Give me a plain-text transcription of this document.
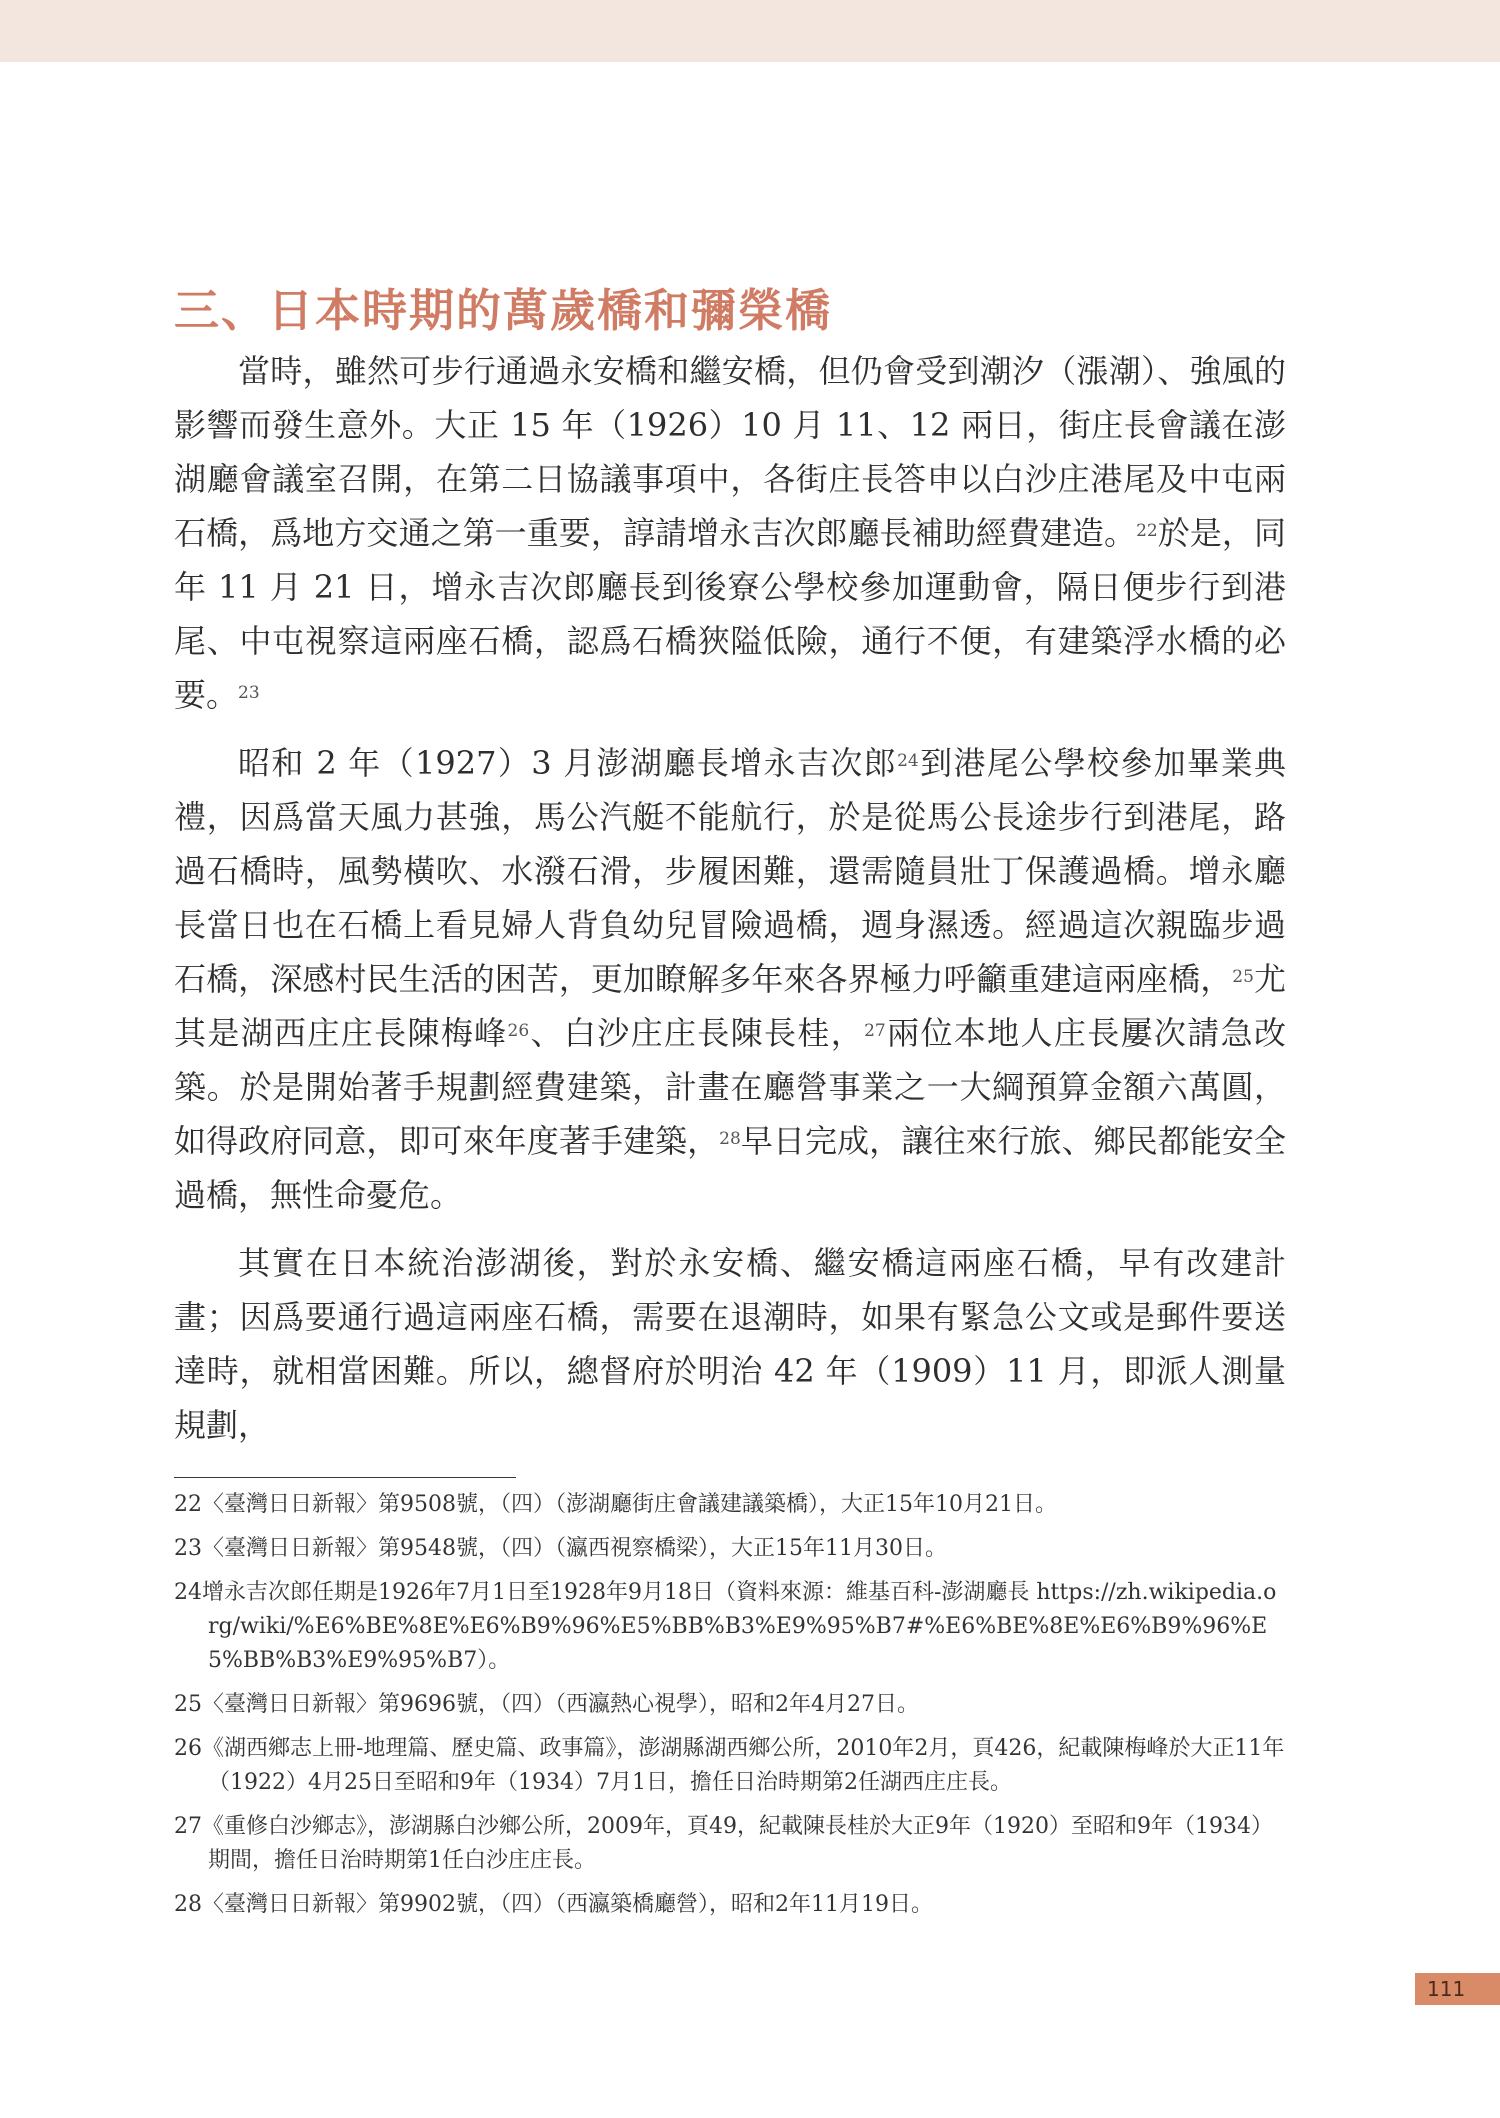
三、日本時期的萬歲橋和彌榮橋

當時，雖然可步行通過永安橋和繼安橋，但仍會受到潮汐（漲潮）、強風的影響而發生意外。大正 15 年（1926）10 月 11、12 兩日，街庄長會議在澎湖廳會議室召開，在第二日協議事項中，各街庄長答申以白沙庄港尾及中屯兩石橋，爲地方交通之第一重要，諄請增永吉次郎廳長補助經費建造。$^{22}$於是，同年 11 月 21 日，增永吉次郎廳長到後寮公學校參加運動會，隔日便步行到港尾、中屯視察這兩座石橋，認爲石橋狹隘低險，通行不便，有建築浮水橋的必要。$^{23}$

昭和 2 年（1927）3 月澎湖廳長增永吉次郎$^{24}$到港尾公學校參加畢業典禮，因爲當天風力甚強，馬公汽艇不能航行，於是從馬公長途步行到港尾，路過石橋時，風勢橫吹、水潑石滑，步履困難，還需隨員壯丁保護過橋。增永廳長當日也在石橋上看見婦人背負幼兒冒險過橋，週身濕透。經過這次親臨步過石橋，深感村民生活的困苦，更加瞭解多年來各界極力呼籲重建這兩座橋，$^{25}$尤其是湖西庄庄長陳梅峰$^{26}$、白沙庄庄長陳長桂，$^{27}$兩位本地人庄長屢次請急改築。於是開始著手規劃經費建築，計畫在廳營事業之一大綱預算金額六萬圓，如得政府同意，即可來年度著手建築，$^{28}$早日完成，讓往來行旅、鄉民都能安全過橋，無性命憂危。

其實在日本統治澎湖後，對於永安橋、繼安橋這兩座石橋，早有改建計畫；因爲要通行過這兩座石橋，需要在退潮時，如果有緊急公文或是郵件要送達時，就相當困難。所以，總督府於明治 42 年（1909）11 月，即派人測量規劃，

22〈臺灣日日新報〉第9508號，（四）（澎湖廳街庄會議建議築橋），大正15年10月21日。

23〈臺灣日日新報〉第9548號，（四）（瀛西視察橋梁），大正15年11月30日。

24增永吉次郎任期是1926年7月1日至1928年9月18日（資料來源：維基百科-澎湖廳長 https://zh.wikipedia.org/wiki/%E6%BE%8E%E6%B9%96%E5%BB%B3%E9%95%B7#%E6%BE%8E%E6%B9%96%E5%BB%B3%E9%95%B7）。

25〈臺灣日日新報〉第9696號，（四）（西瀛熱心視學），昭和2年4月27日。

26《湖西鄉志上冊-地理篇、歷史篇、政事篇》，澎湖縣湖西鄉公所，2010年2月，頁426，紀載陳梅峰於大正11年（1922）4月25日至昭和9年（1934）7月1日，擔任日治時期第2任湖西庄庄長。

27《重修白沙鄉志》，澎湖縣白沙鄉公所，2009年，頁49，紀載陳長桂於大正9年（1920）至昭和9年（1934）期間，擔任日治時期第1任白沙庄庄長。

28〈臺灣日日新報〉第9902號，（四）（西瀛築橋廳營），昭和2年11月19日。

111
